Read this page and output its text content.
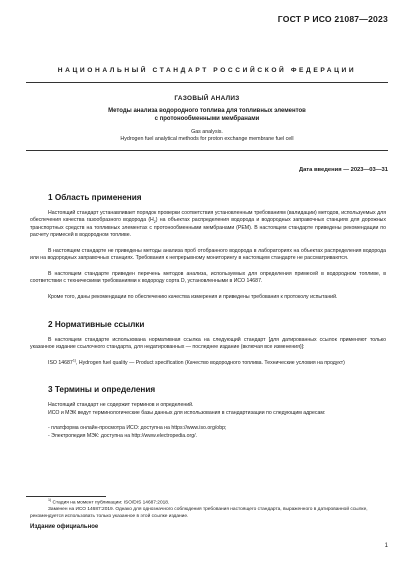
ГОСТ Р ИСО 21087—2023
НАЦИОНАЛЬНЫЙ СТАНДАРТ РОССИЙСКОЙ ФЕДЕРАЦИИ
ГАЗОВЫЙ АНАЛИЗ
Методы анализа водородного топлива для топливных элементов
с протонообменными мембранами
Gas analysis.
Hydrogen fuel analytical methods for proton exchange membrane fuel cell
Дата введения — 2023—03—31
1 Область применения
Настоящий стандарт устанавливает порядок проверки соответствия установленным требованиям (валидации) методов, используемых для обеспечения качества газообразного водорода $(H_2)$ на объектах распределения водорода и водородных заправочных станциях для дорожных транспортных средств на топливных элементах с протонообменными мембранами (PEM). В настоящем стандарте приведены рекомендации по расчету примесей в водородном топливе.
В настоящем стандарте не приведены методы анализа проб отобранного водорода в лабораториях на объектах распределения водорода или на водородных заправочных станциях. Требования к непрерывному мониторингу в настоящем стандарте не рассматриваются.
В настоящем стандарте приведен перечень методов анализа, используемых для определения примесей в водородном топливе, в соответствии с техническими требованиями к водороду сорта D, установленными в ИСО 14687.
Кроме того, даны рекомендации по обеспечению качества измерения и приведены требования к протоколу испытаний.
2 Нормативные ссылки
В настоящем стандарте использована нормативная ссылка на следующий стандарт [для датированных ссылок применяют только указанное издание ссылочного стандарта, для недатированных — последнее издание (включая все изменения)]:
ISO 14687$^{1)}$, Hydrogen fuel quality — Product specification (Качество водородного топлива. Технические условия на продукт)
3 Термины и определения
Настоящий стандарт не содержит терминов и определений.
ИСО и МЭК ведут терминологические базы данных для использования в стандартизации по следующим адресам:
- платформа онлайн-просмотра ИСО: доступна на https://www.iso.org/obp;
- Электропедия МЭК: доступна на http://www.electropedia.org/.
$^{1)}$ Стадия на момент публикации: ISO/DIS 14687:2018.
Заменен на ИСО 14687:2019. Однако для однозначного соблюдения требования настоящего стандарта, выраженного в датированной ссылке, рекомендуется использовать только указанное в этой ссылке издание.
Издание официальное
1
